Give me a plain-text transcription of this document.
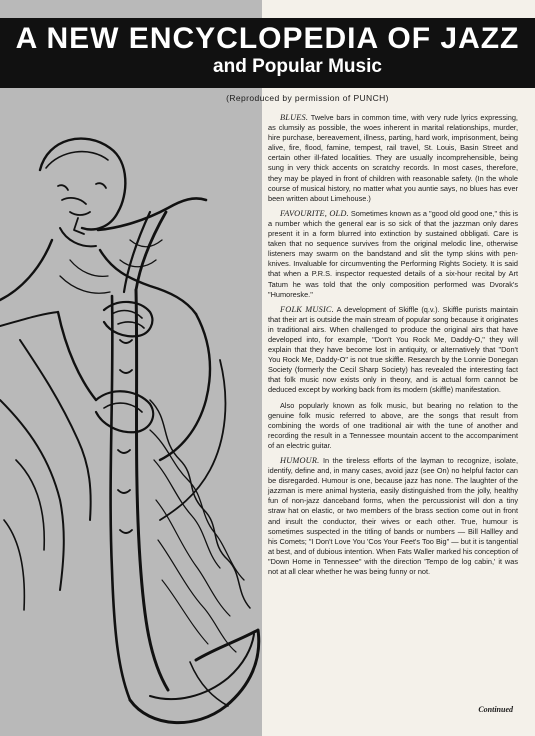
A NEW ENCYCLOPEDIA OF JAZZ
and Popular Music
(Reproduced by permission of PUNCH)

BLUES. Twelve bars in common time, with very rude lyrics expressing, as clumsily as possible, the woes inherent in marital relationships, murder, hire purchase, bereavement, illness, parting, hard work, imprisonment, being alive, fire, flood, famine, tempest, rail travel, St. Louis, Basin Street and certain other ill-fated localities. They are usually incomprehensible, being sung in very thick accents on scratchy records. In most cases, therefore, they may be played in front of children with reasonable safety. (In the whole course of musical history, no matter what you auntie says, no blues has ever been written about Limehouse.)

FAVOURITE, OLD. Sometimes known as a "good old good one," this is a number which the general ear is so sick of that the jazzman only dares present it in a form blurred into extinction by sustained obbligati. Care is taken that no sequence survives from the original melodic line, otherwise listeners may swarm on the bandstand and slit the tymp skins with pen-knives. Invaluable for circumventing the Performing Rights Society. It is said that when a P.R.S. inspector requested details of a six-hour recital by Art Tatum he was told that the only composition performed was Dvorak's "Humoreske."

FOLK MUSIC. A development of Skiffle (q.v.). Skiffle purists maintain that their art is outside the main stream of popular song because it originates in traditional airs. When challenged to produce the original airs that have developed into, for example, "Don't You Rock Me, Daddy-O," they will explain that they have become lost in antiquity, or alternatively that "Don't You Rock Me, Daddy-O" is not true skiffle. Research by the Lonnie Donegan Society (formerly the Cecil Sharp Society) has revealed the interesting fact that folk music now exists only in theory, and is actual form cannot be deduced except by working back from its modern (skiffle) manifestation.

Also popularly known as folk music, but bearing no relation to the genuine folk music referred to above, are the songs that result from combining the words of one traditional air with the tune of another and recording the result in a Tennessee mountain accent to the accompaniment of an electric guitar.

HUMOUR. In the tireless efforts of the layman to recognize, isolate, identify, define and, in many cases, avoid jazz (see On) no helpful factor can be disregarded. Humour is one, because jazz has none. The laughter of the jazzman is mere animal hysteria, easily distinguished from the jolly, healthy fun of non-jazz danceband forms, when the percussionist will don a tiny straw hat on elastic, or two members of the brass section come out in front and insult the conductor, their wives or each other. True, humour is sometimes suspected in the titling of bands or numbers — Bill Hallley and his Comets; "I Don't Love You 'Cos Your Feet's Too Big" — but it is tangential at best, and of dubious intention. When Fats Waller marked his conception of "Down Home in Tennessee" with the direction 'Tempo de log cabin,' it was not at all clear whether he was being funny or not.

Continued
